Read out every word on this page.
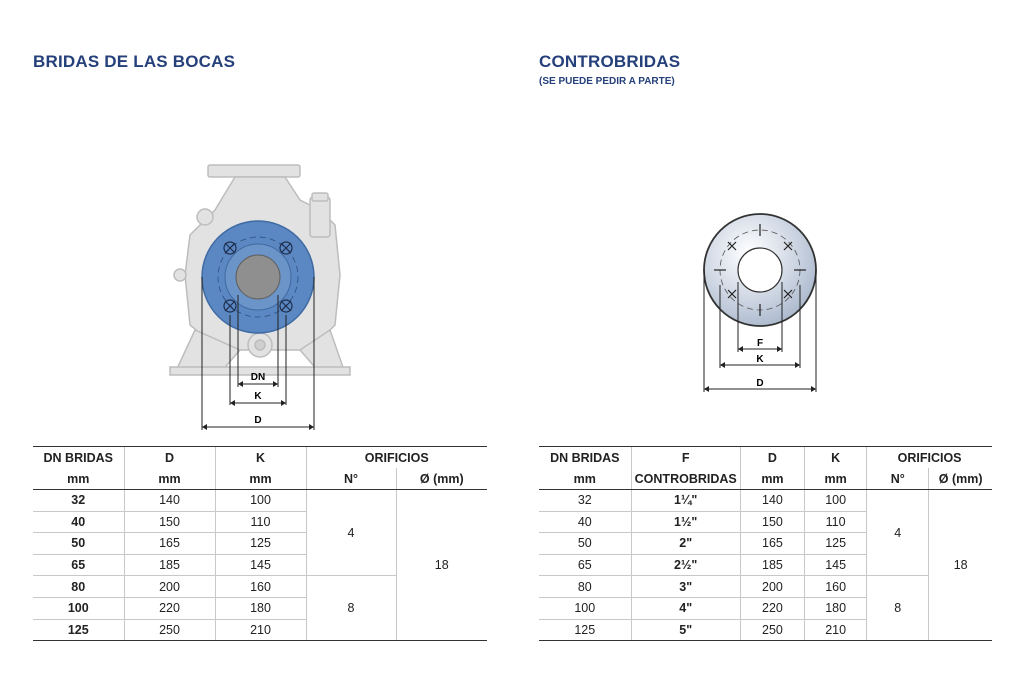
BRIDAS DE LAS BOCAS	CONTROBRIDAS

(SE PUEDE PEDIR A PARTE)

DN
K
D
F
K
D
DN BRIDAS	D	K	ORIFICIOS	
mm	mm	mm	N°	Ø (mm)
32	140	100	4	18
40	150	110		
50	165	125		
65	185	145		
80	200	160	8	
100	220	180		
125	250	210		
DN BRIDAS	F	D	K	ORIFICIOS	
mm	CONTROBRIDAS	mm	mm	N°	Ø (mm)
32	1¼"	140	100	4	18
40	1½"	150	110		
50	2"	165	125		
65	2½"	185	145		
80	3"	200	160	8	
100	4"	220	180		
125	5"	250	210		
